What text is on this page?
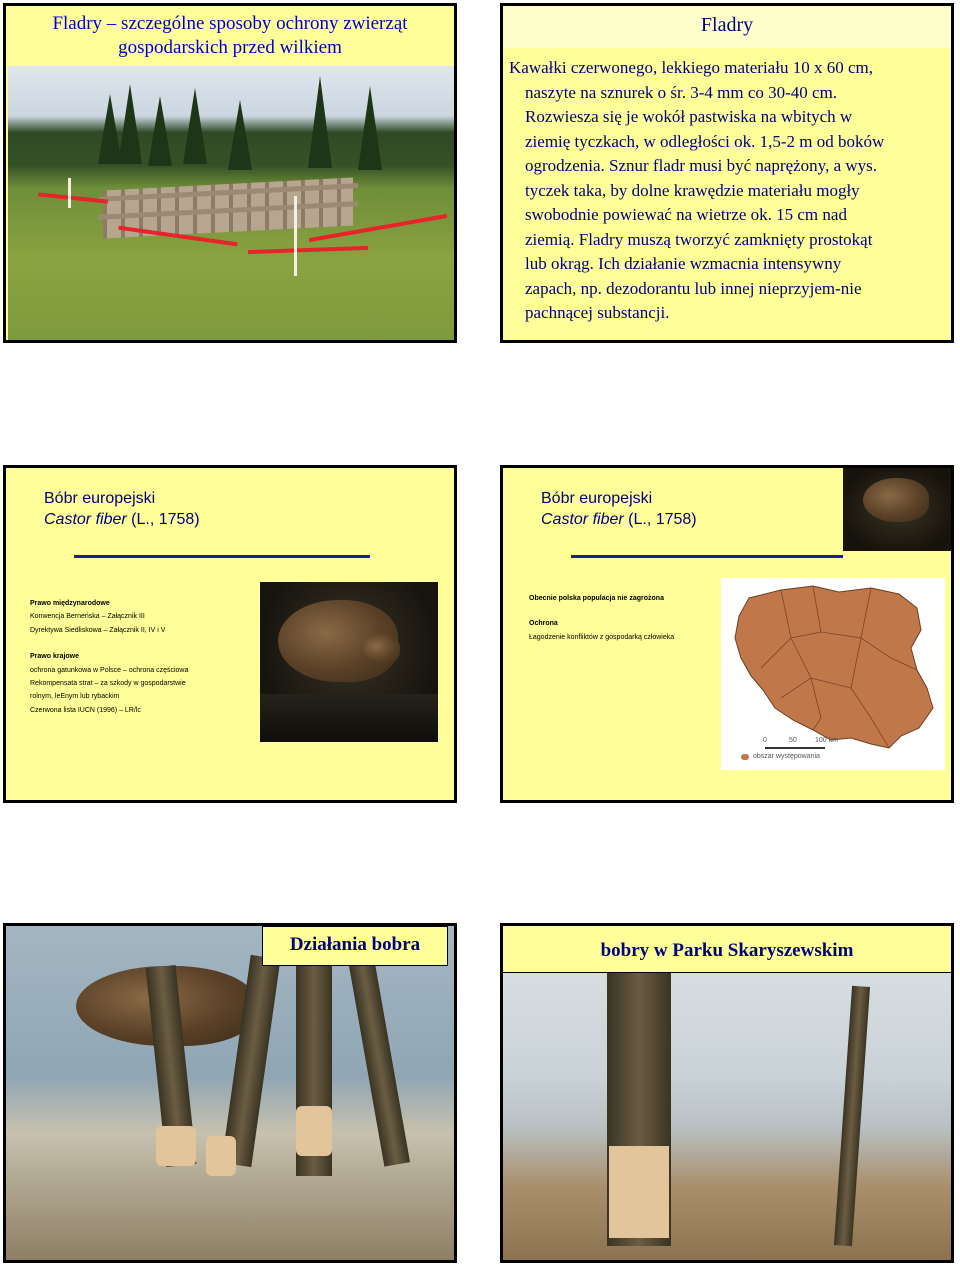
Fladry – szczególne sposoby ochrony zwierząt
gospodarskich przed wilkiem
Fladry
Kawałki czerwonego, lekkiego materiału 10 x 60 cm,
naszyte na sznurek o śr. 3-4 mm co 30-40 cm.
Rozwiesza się je wokół pastwiska na wbitych w
ziemię tyczkach, w odległości ok. 1,5-2 m od boków
ogrodzenia. Sznur fladr musi być naprężony, a wys.
tyczek taka, by dolne krawędzie materiału mogły
swobodnie powiewać na wietrze ok. 15 cm nad
ziemią. Fladry muszą tworzyć zamknięty prostokąt
lub okrąg. Ich działanie wzmacnia intensywny
zapach, np. dezodorantu lub innej nieprzyjem-nie
pachnącej substancji.
Bóbr europejski
Castor fiber (L., 1758)
Prawo międzynarodowe
Konwencja Berneńska – Załącznik III
Dyrektywa Siedliskowa – Załącznik II, IV i V
Prawo krajowe
ochrona gatunkowa w Polsce – ochrona częściowa
Rekompensata strat – za szkody w gospodarstwie
rolnym, leEnym lub rybackim
Czerwona lista IUCN (1996) – LR/lc
Bóbr europejski
Castor fiber (L., 1758)
Obecnie polska populacja nie zagrożona
Ochrona
Łagodzenie konfliktów z gospodarką człowieka
0	50	100 km
obszar występowania
Działania bobra	bobry w Parku Skaryszewskim
